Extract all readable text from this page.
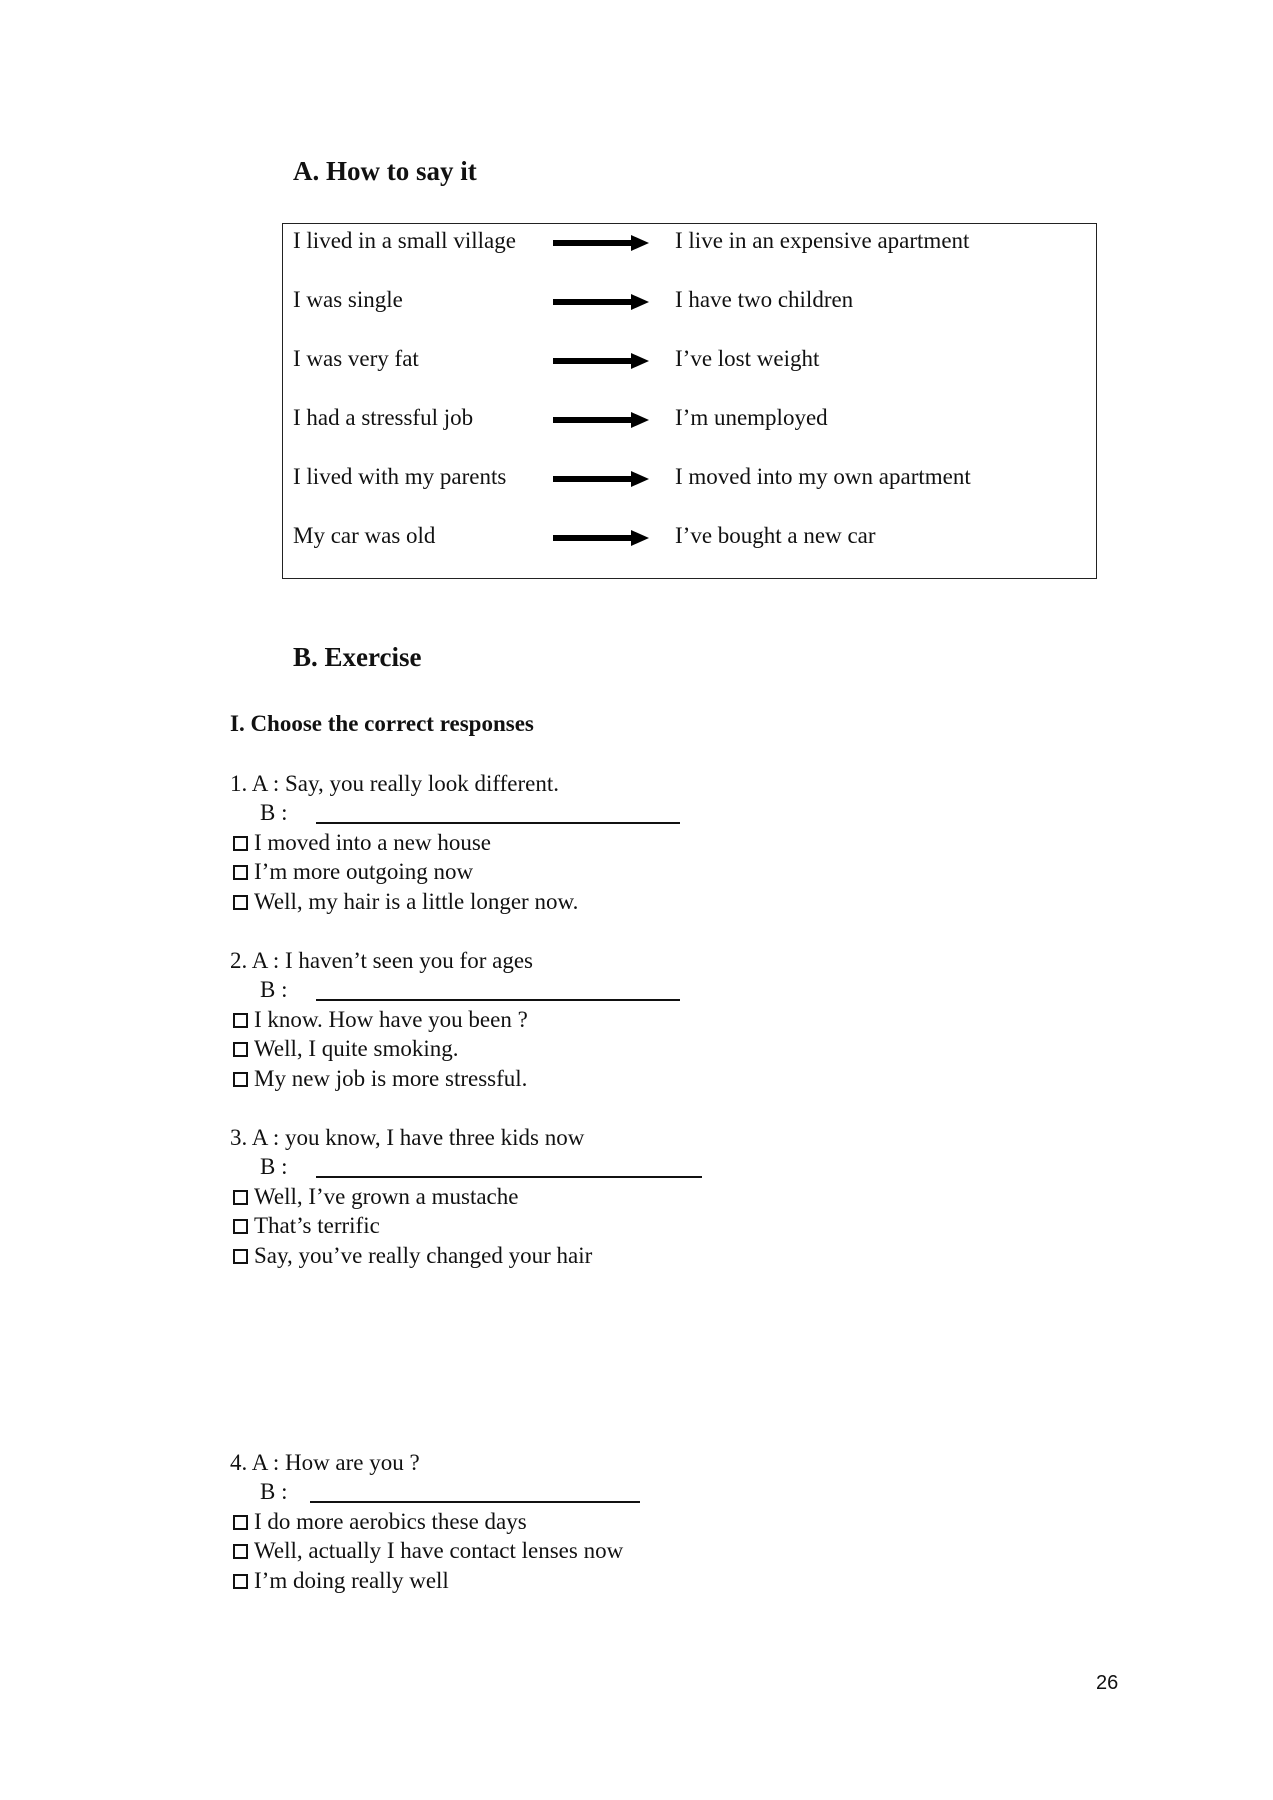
A. How to say it
I lived in a small village	I live in an expensive apartment
I was single	I have two children
I was very fat	I’ve lost weight
I had a stressful job	I’m unemployed
I lived with my parents	I moved into my own apartment
My car was old	I’ve bought a new car
B. Exercise
I. Choose the correct responses
1. A : Say, you really look different.
B :
I moved into a new house
I’m more outgoing now
Well, my hair is a little longer now.
2. A : I haven’t seen you for ages
B :
I know. How have you been ?
Well, I quite smoking.
My new job is more stressful.
3. A : you know, I have three kids now
B :
Well, I’ve grown a mustache
That’s terrific
Say, you’ve really changed your hair
4. A : How are you ?
B :
I do more aerobics these days
Well, actually I have contact lenses now
I’m doing really well
26
